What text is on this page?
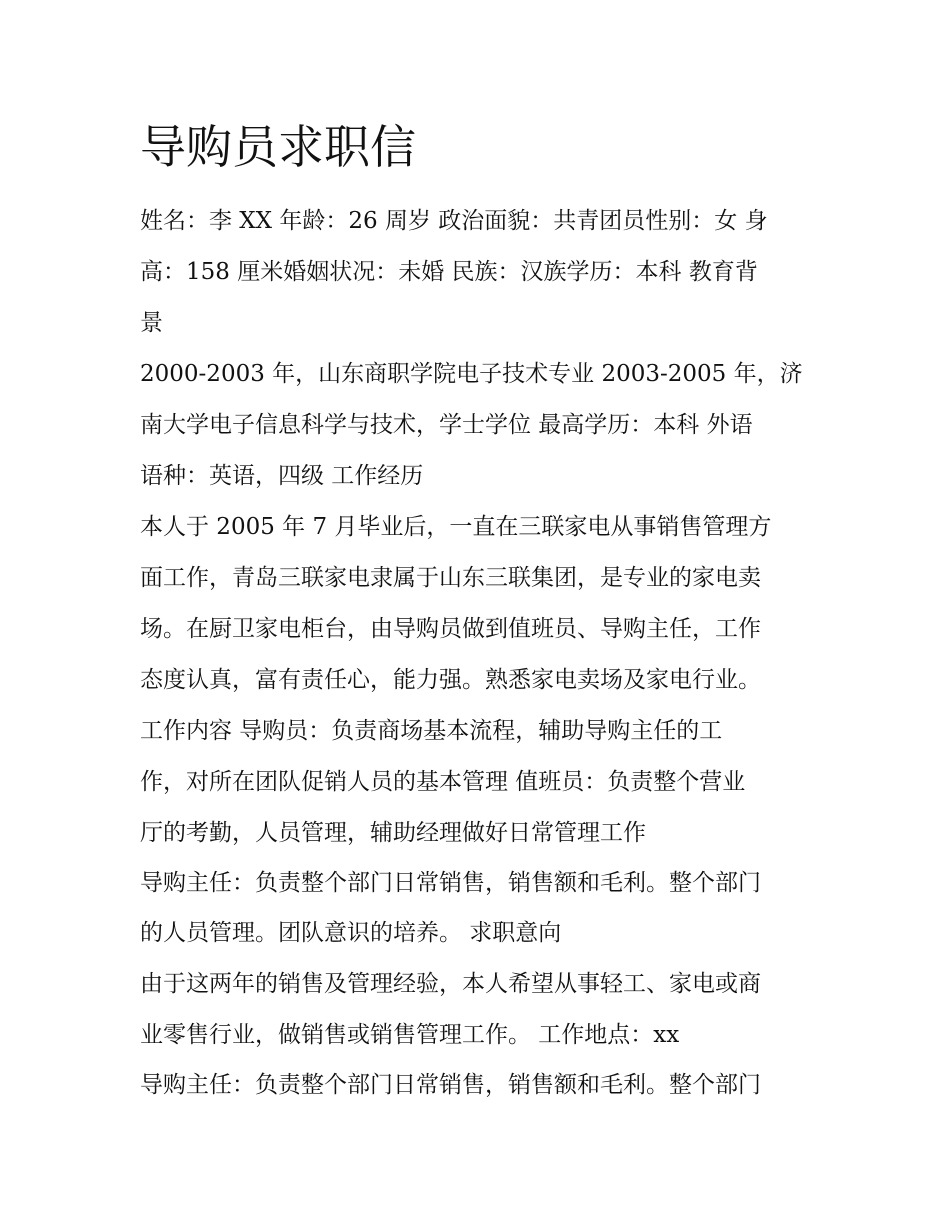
导购员求职信

姓名：李 XX 年龄：26 周岁 政治面貌：共青团员性别：女 身

高：158 厘米婚姻状况：未婚 民族：汉族学历：本科 教育背

景

2000-2003 年，山东商职学院电子技术专业 2003-2005 年，济

南大学电子信息科学与技术，学士学位 最高学历：本科 外语

语种：英语，四级 工作经历

本人于 2005 年 7 月毕业后，一直在三联家电从事销售管理方

面工作，青岛三联家电隶属于山东三联集团，是专业的家电卖

场。在厨卫家电柜台，由导购员做到值班员、导购主任，工作

态度认真，富有责任心，能力强。熟悉家电卖场及家电行业。

工作内容 导购员：负责商场基本流程，辅助导购主任的工

作，对所在团队促销人员的基本管理 值班员：负责整个营业

厅的考勤，人员管理，辅助经理做好日常管理工作

导购主任：负责整个部门日常销售，销售额和毛利。整个部门

的人员管理。团队意识的培养。 求职意向

由于这两年的销售及管理经验，本人希望从事轻工、家电或商

业零售行业，做销售或销售管理工作。 工作地点：xx

导购主任：负责整个部门日常销售，销售额和毛利。整个部门
